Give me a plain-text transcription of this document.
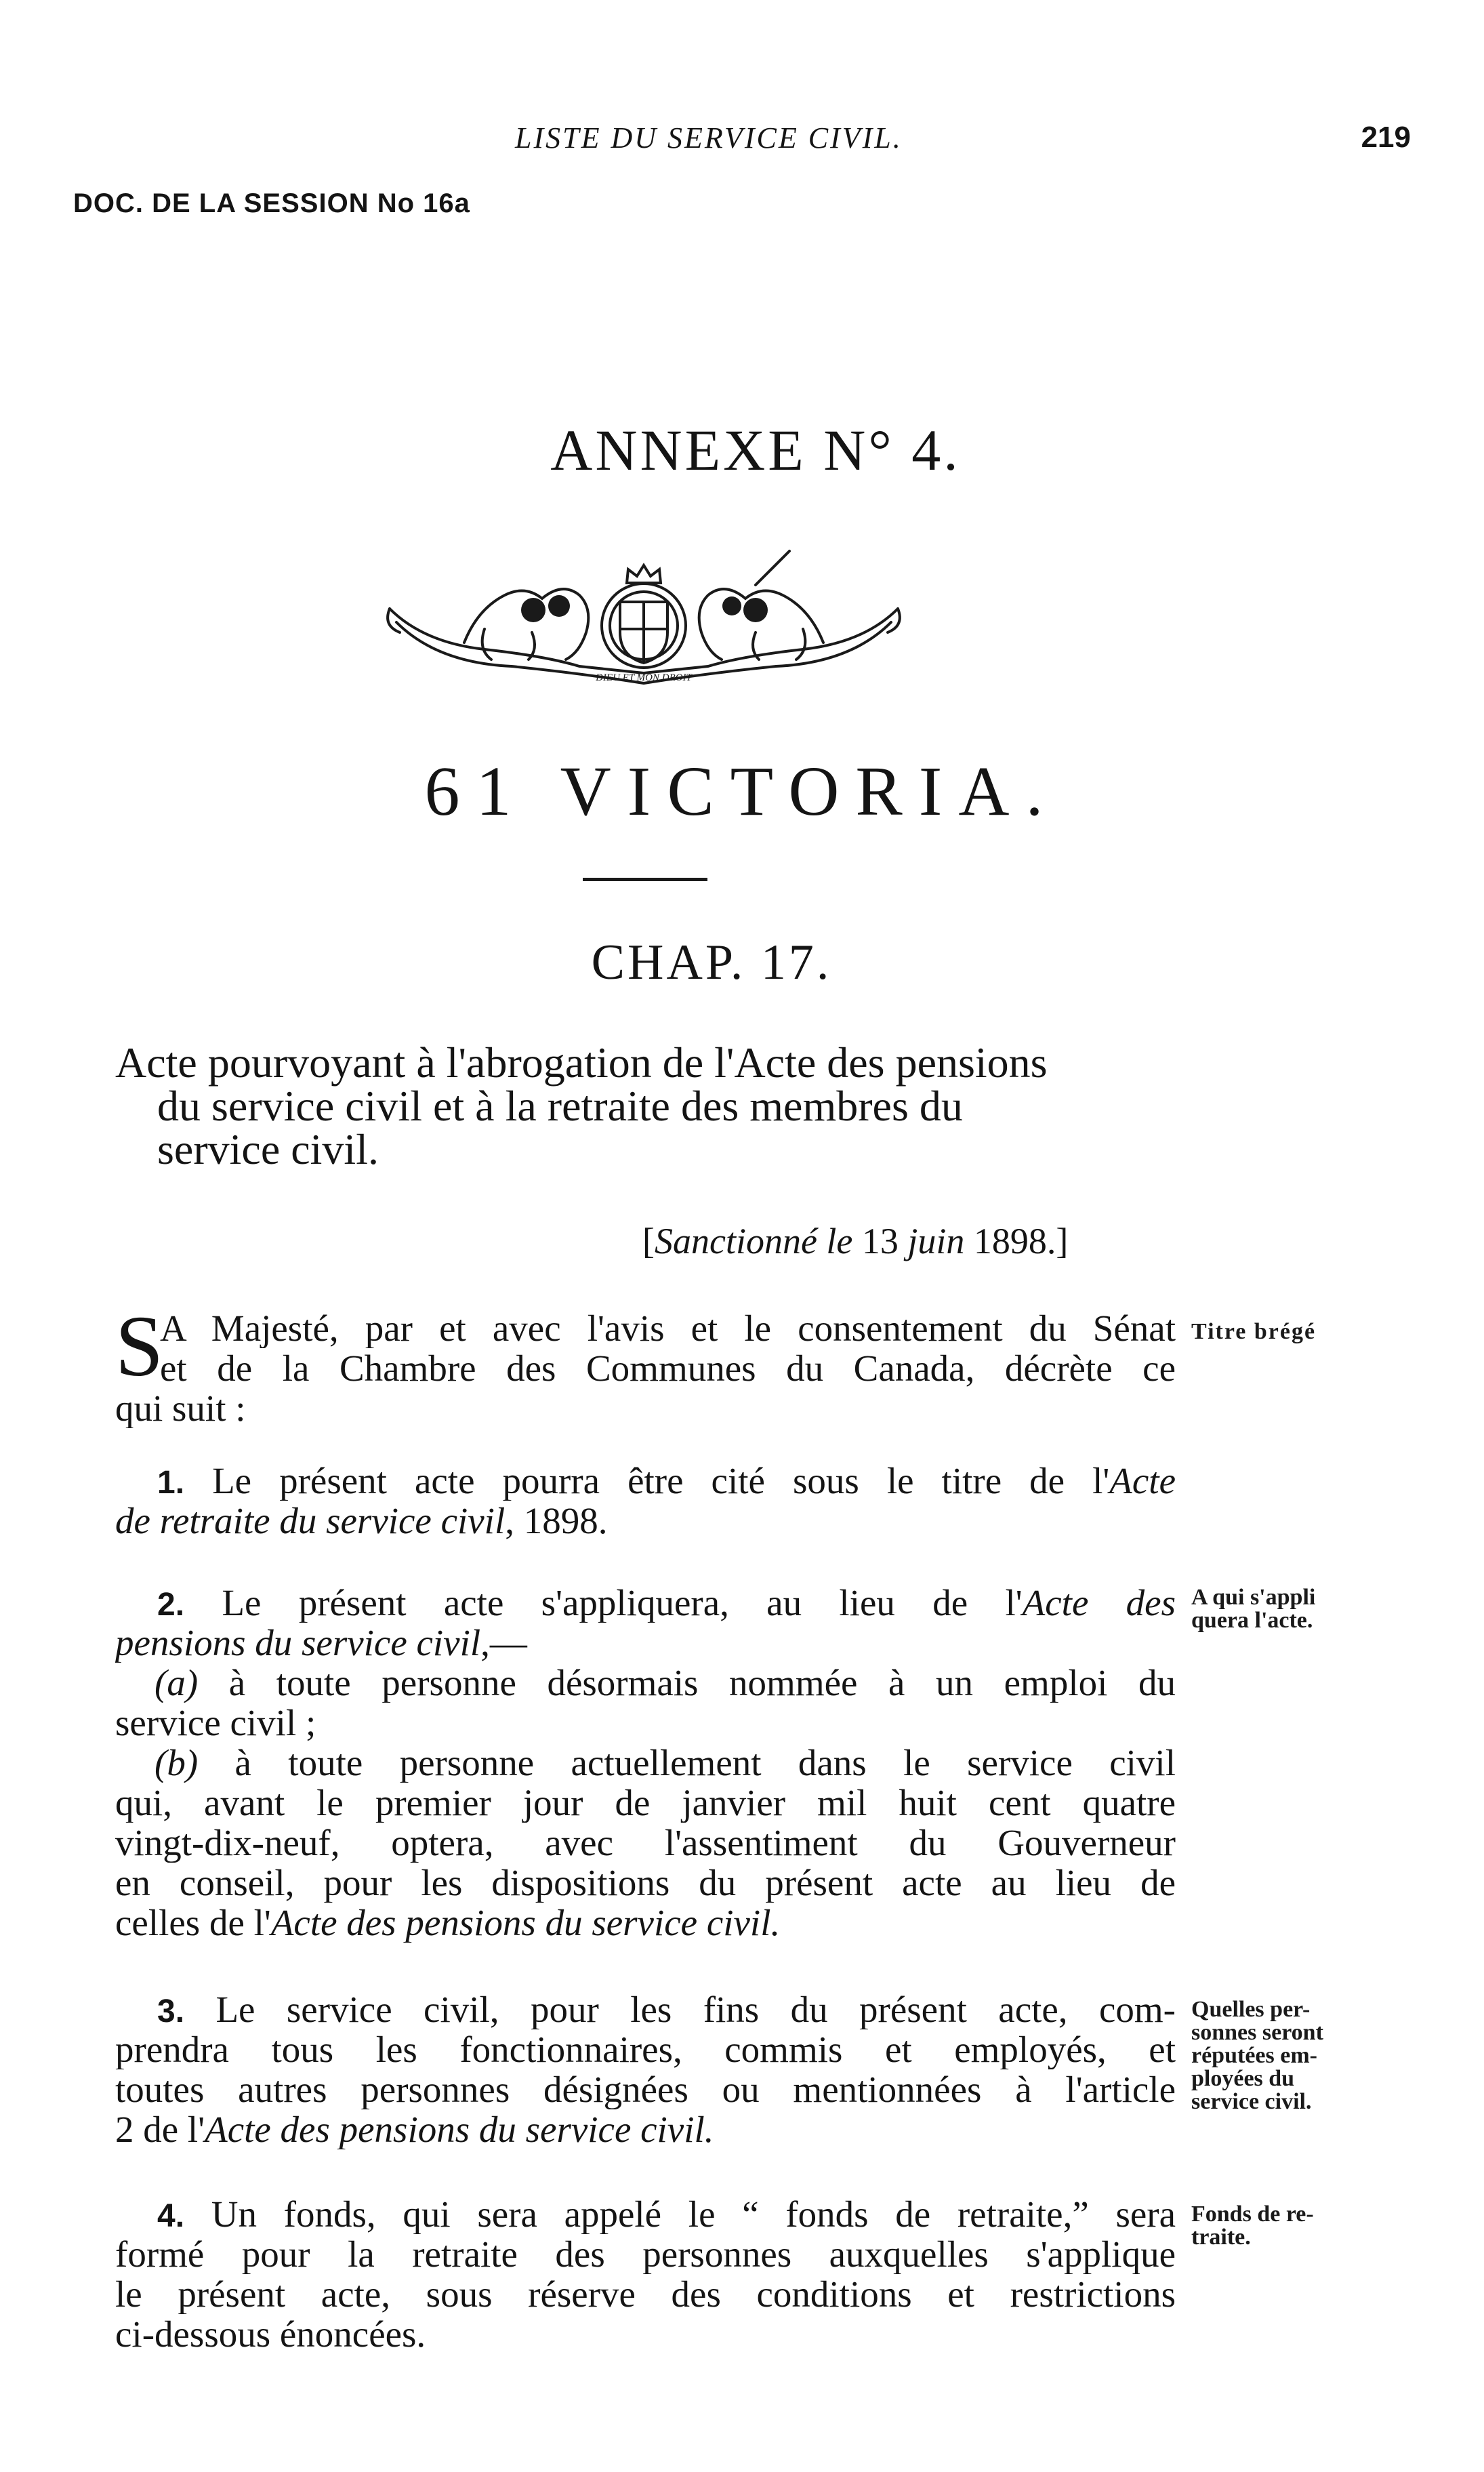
LISTE DU SERVICE CIVIL.	219
DOC. DE LA SESSION No 16a
ANNEXE N° 4.
DIEU ET MON DROIT
61 VICTORIA.
CHAP. 17.
Acte pourvoyant à l'abrogation de l'Acte des pensions
du service civil et à la retraite des membres du
service civil.
[Sanctionné le 13 juin 1898.]
S
A Majesté, par et avec l'avis et le consentement du Sénat
et de la Chambre des Communes du Canada, décrète ce
qui suit :
1. Le présent acte pourra être cité sous le titre de l'Acte
de retraite du service civil, 1898.
2. Le présent acte s'appliquera, au lieu de l'Acte des
pensions du service civil,—
(a) à toute personne désormais nommée à un emploi du
service civil ;
(b) à toute personne actuellement dans le service civil
qui, avant le premier jour de janvier mil huit cent quatre
vingt-dix-neuf, optera, avec l'assentiment du Gouverneur
en conseil, pour les dispositions du présent acte au lieu de
celles de l'Acte des pensions du service civil.
3. Le service civil, pour les fins du présent acte, com-
prendra tous les fonctionnaires, commis et employés, et
toutes autres personnes désignées ou mentionnées à l'article
2 de l'Acte des pensions du service civil.
4. Un fonds, qui sera appelé le “ fonds de retraite,” sera
formé pour la retraite des personnes auxquelles s'applique
le présent acte, sous réserve des conditions et restrictions
ci-dessous énoncées.
Titre brégé
A qui s'appli
quera l'acte.
Quelles per-
sonnes seront
réputées em-
ployées du
service civil.
Fonds de re-
traite.
